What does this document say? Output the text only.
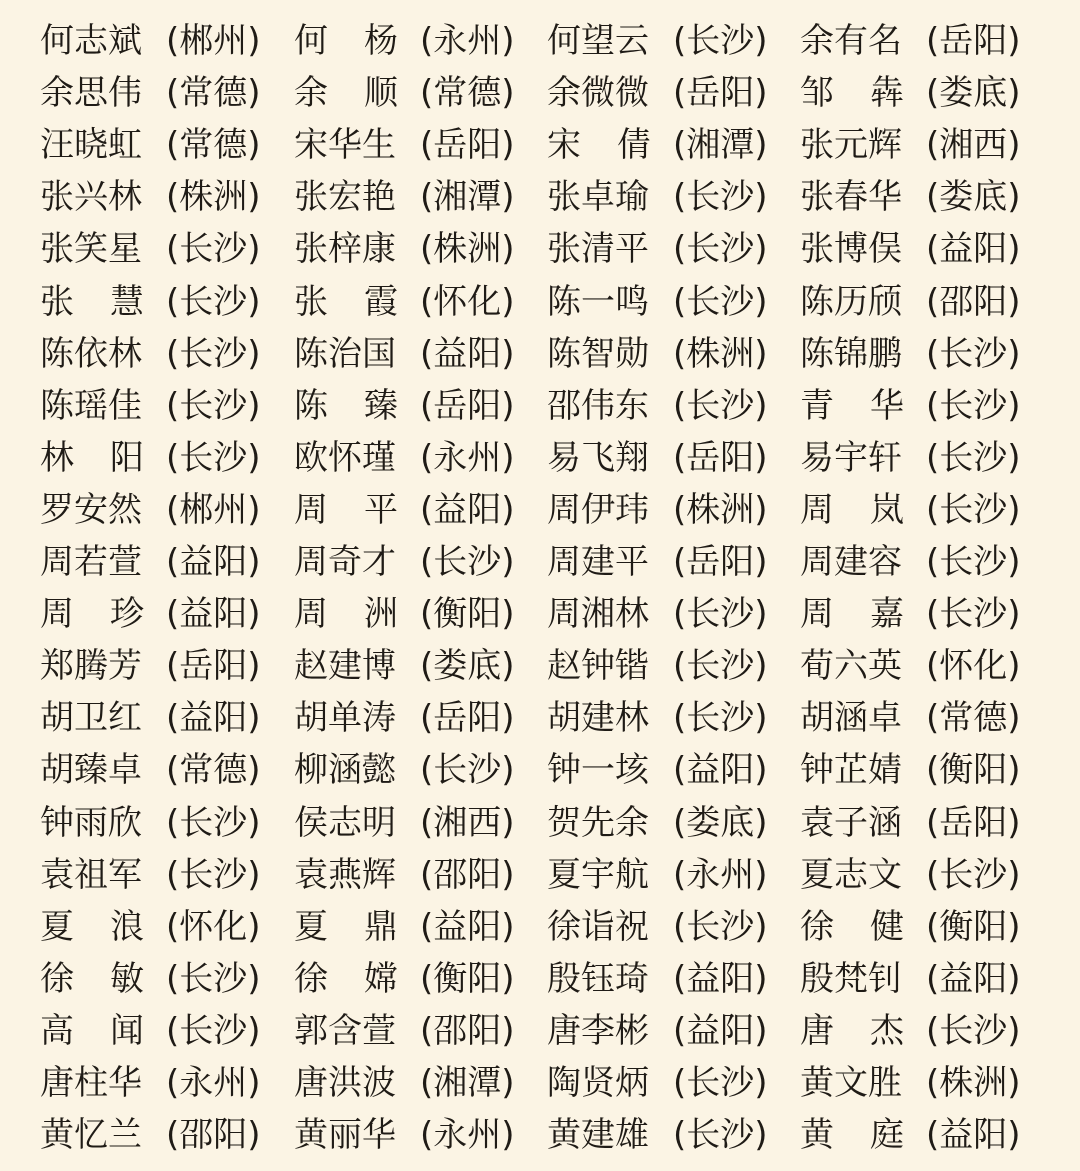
何志斌 (郴州) 何 杨 (永州) 何望云 (长沙) 余有名 (岳阳)
余思伟 (常德) 余 顺 (常德) 余微微 (岳阳) 邹 犇 (娄底)
汪晓虹 (常德) 宋华生 (岳阳) 宋 倩 (湘潭) 张元辉 (湘西)
张兴林 (株洲) 张宏艳 (湘潭) 张卓瑜 (长沙) 张春华 (娄底)
张笑星 (长沙) 张梓康 (株洲) 张清平 (长沙) 张博俣 (益阳)
张 慧 (长沙) 张 霞 (怀化) 陈一鸣 (长沙) 陈历颀 (邵阳)
陈依林 (长沙) 陈治国 (益阳) 陈智勋 (株洲) 陈锦鹏 (长沙)
陈瑶佳 (长沙) 陈 臻 (岳阳) 邵伟东 (长沙) 青 华 (长沙)
林 阳 (长沙) 欧怀瑾 (永州) 易飞翔 (岳阳) 易宇轩 (长沙)
罗安然 (郴州) 周 平 (益阳) 周伊玮 (株洲) 周 岚 (长沙)
周若萱 (益阳) 周奇才 (长沙) 周建平 (岳阳) 周建容 (长沙)
周 珍 (益阳) 周 洲 (衡阳) 周湘林 (长沙) 周 嘉 (长沙)
郑腾芳 (岳阳) 赵建博 (娄底) 赵钟锴 (长沙) 荀六英 (怀化)
胡卫红 (益阳) 胡单涛 (岳阳) 胡建林 (长沙) 胡涵卓 (常德)
胡臻卓 (常德) 柳涵懿 (长沙) 钟一垓 (益阳) 钟芷婧 (衡阳)
钟雨欣 (长沙) 侯志明 (湘西) 贺先余 (娄底) 袁子涵 (岳阳)
袁祖军 (长沙) 袁燕辉 (邵阳) 夏宇航 (永州) 夏志文 (长沙)
夏 浪 (怀化) 夏 鼎 (益阳) 徐诣祝 (长沙) 徐 健 (衡阳)
徐 敏 (长沙) 徐 嫦 (衡阳) 殷钰琦 (益阳) 殷梵钊 (益阳)
高 闻 (长沙) 郭含萱 (邵阳) 唐李彬 (益阳) 唐 杰 (长沙)
唐柱华 (永州) 唐洪波 (湘潭) 陶贤炳 (长沙) 黄文胜 (株洲)
黄忆兰 (邵阳) 黄丽华 (永州) 黄建雄 (长沙) 黄 庭 (益阳)
